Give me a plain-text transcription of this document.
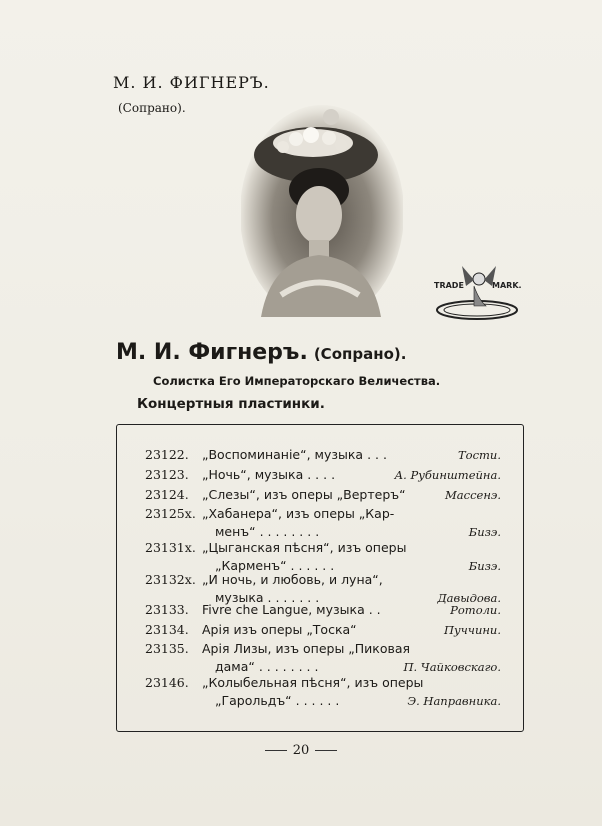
М. И. ФИГНЕРЪ.
(Сопрано).
TRADE	MARK.
М. И. Фигнеръ. (Сопрано).
Солистка Его Императорскаго Величества.
Концертныя пластинки.
23122. „Воспоминаніе“, музыка . . .	Тости.
23123. „Ночь“, музыка . . . .	А. Рубинштейна.
23124. „Слезы“, изъ оперы „Вертеръ“	Массенэ.
23125x. „Хабанера“, изъ оперы „Кар-
менъ“ . . . . . . . .	Бизэ.
23131x. „Цыганская пѣсня“, изъ оперы
„Карменъ“ . . . . . .	Бизэ.
23132x. „И ночь, и любовь, и луна“,
музыка . . . . . . .	Давыдова.
23133. Fivre che Langue, музыка . .	Ротоли.
23134. Арія изъ оперы „Тоска“	Пуччини.
23135. Арія Лизы, изъ оперы „Пиковая
дама“ . . . . . . . .	П. Чайковскаго.
23146. „Колыбельная пѣсня“, изъ оперы
„Гарольдъ“ . . . . . .	Э. Направника.
20
